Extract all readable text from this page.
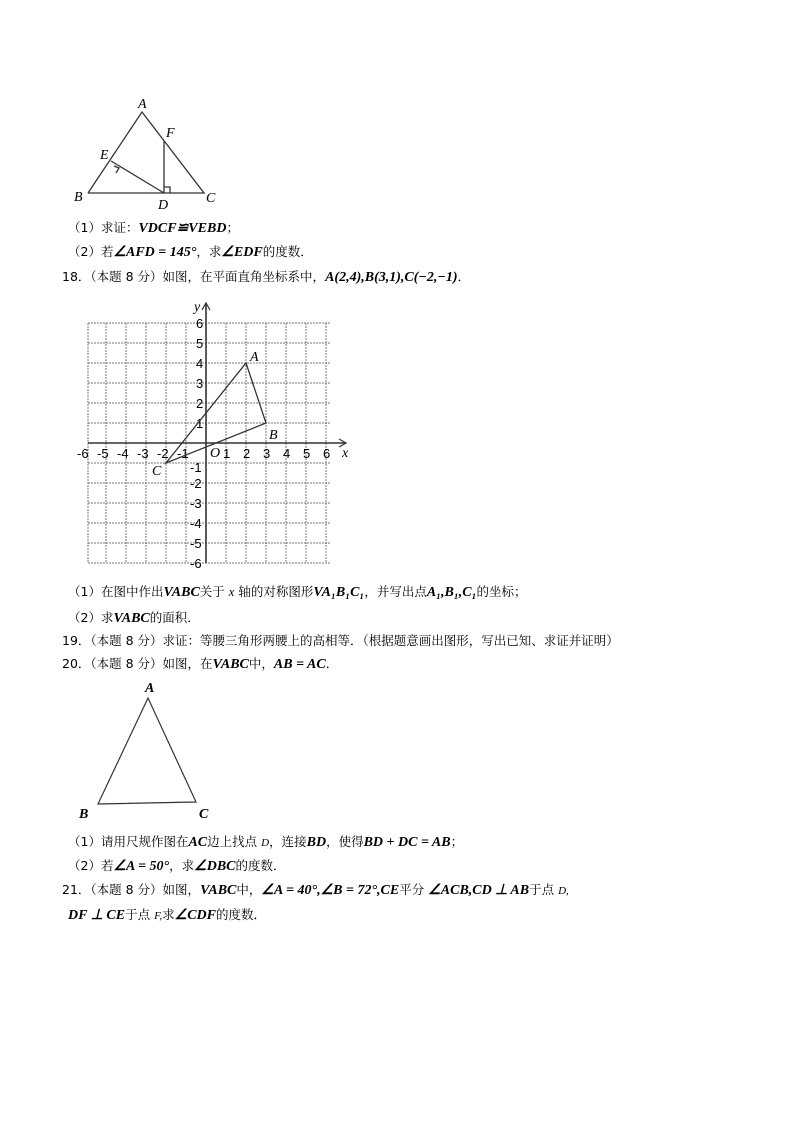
A
B	C
D
E
F
（1）求证：VDCF≌VEBD；
（2）若∠AFD = 145°，求∠EDF的度数．
18．（本题 8 分）如图，在平面直角坐标系中，A(2,4),B(3,1),C(−2,−1)．
-6 -5 -4 -3 -2 -1	1 2 3 4 5 6
6
5
4
3
2
1
-1
-2
-3
-4
-5
-6
x
y
O
A
B
C
（1）在图中作出VABC关于 x 轴的对称图形VA₁B₁C₁，并写出点A₁,B₁,C₁的坐标；
（2）求VABC的面积．
19．（本题 8 分）求证：等腰三角形两腰上的高相等．（根据题意画出图形，写出已知、求证并证明）
20．（本题 8 分）如图，在VABC中，AB = AC．
A
B	C
（1）请用尺规作图在AC边上找点 D，连接BD，使得BD + DC = AB；
（2）若∠A = 50°，求∠DBC的度数．
21．（本题 8 分）如图，VABC中，∠A = 40°,∠B = 72°,CE平分 ∠ACB,CD ⊥ AB于点 D,
DF ⊥ CE于点 F,求∠CDF的度数．
